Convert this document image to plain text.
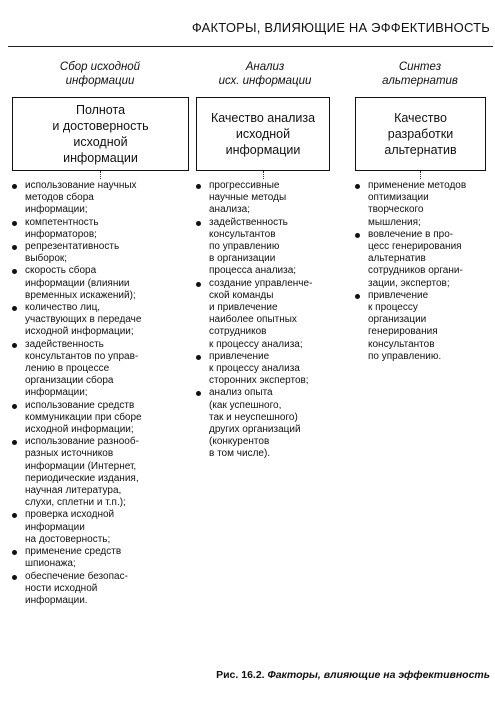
ФАКТОРЫ, ВЛИЯЮЩИЕ НА ЭФФЕКТИВНОСТЬ
Сбор исходной
информации
Полнота
и достоверность
исходной
информации
использование научных
методов сбора
информации;
компетентность
информаторов;
репрезентативность
выборок;
скорость сбора
информации (влиянии
временных искажений);
количество лиц,
участвующих в передаче
исходной информации;
задейственность
консультантов по управ-
лению в процессе
организации сбора
информации;
использование средств
коммуникации при сборе
исходной информации;
использование разнооб-
разных источников
информации (Интернет,
периодические издания,
научная литература,
слухи, сплетни и т.п.);
проверка исходной
информации
на достоверность;
применение средств
шпионажа;
обеспечение безопас-
ности исходной
информации.
Анализ
исх. информации
Качество анализа
исходной
информации
прогрессивные
научные методы
анализа;
задейственность
консультантов
по управлению
в организации
процесса анализа;
создание управленче-
ской команды
и привлечение
наиболее опытных
сотрудников
к процессу анализа;
привлечение
к процессу анализа
сторонних экспертов;
анализ опыта
(как успешного,
так и неуспешного)
других организаций
(конкурентов
в том числе).
Синтез
альтернатив
Качество
разработки
альтернатив
применение методов
оптимизации
творческого
мышления;
вовлечение в про-
цесс генерирования
альтернатив
сотрудников органи-
зации, экспертов;
привлечение
к процессу
организации
генерирования
консультантов
по управлению.
Рис. 16.2. Факторы, влияющие на эффективность
